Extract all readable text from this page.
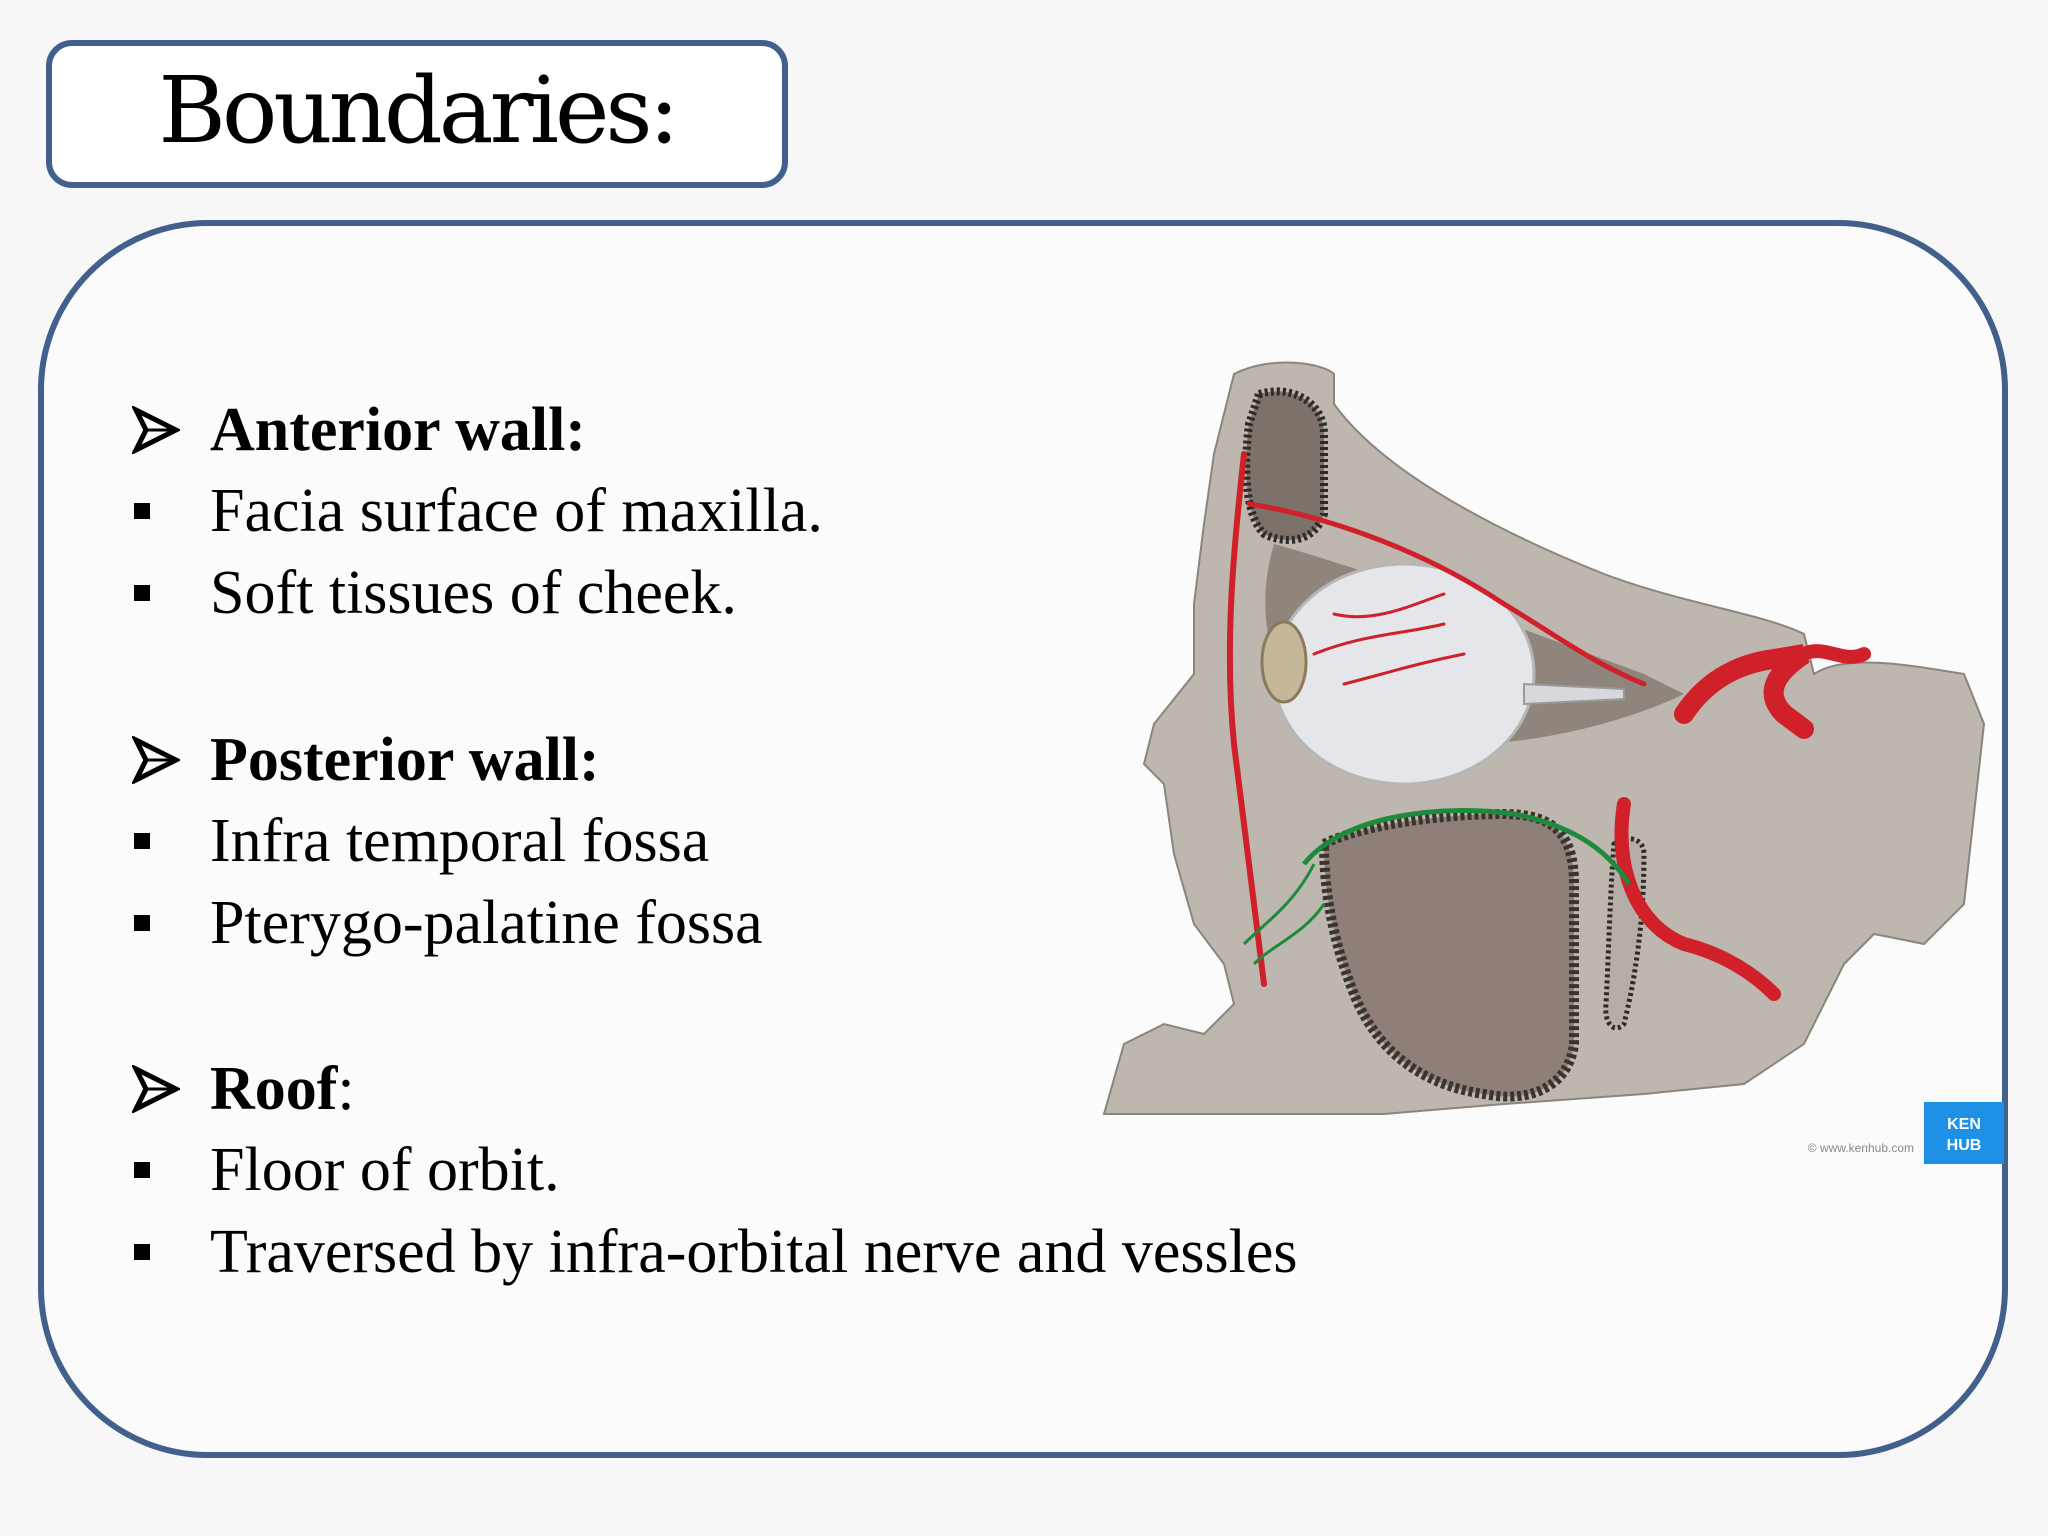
Boundaries:
Anterior wall:
Facia surface of maxilla.
Soft tissues of cheek.
Posterior wall:
Infra temporal fossa
Pterygo-palatine fossa
Roof :
Floor of orbit.
Traversed by infra-orbital nerve and vessles
KEN
HUB
© www.kenhub.com
